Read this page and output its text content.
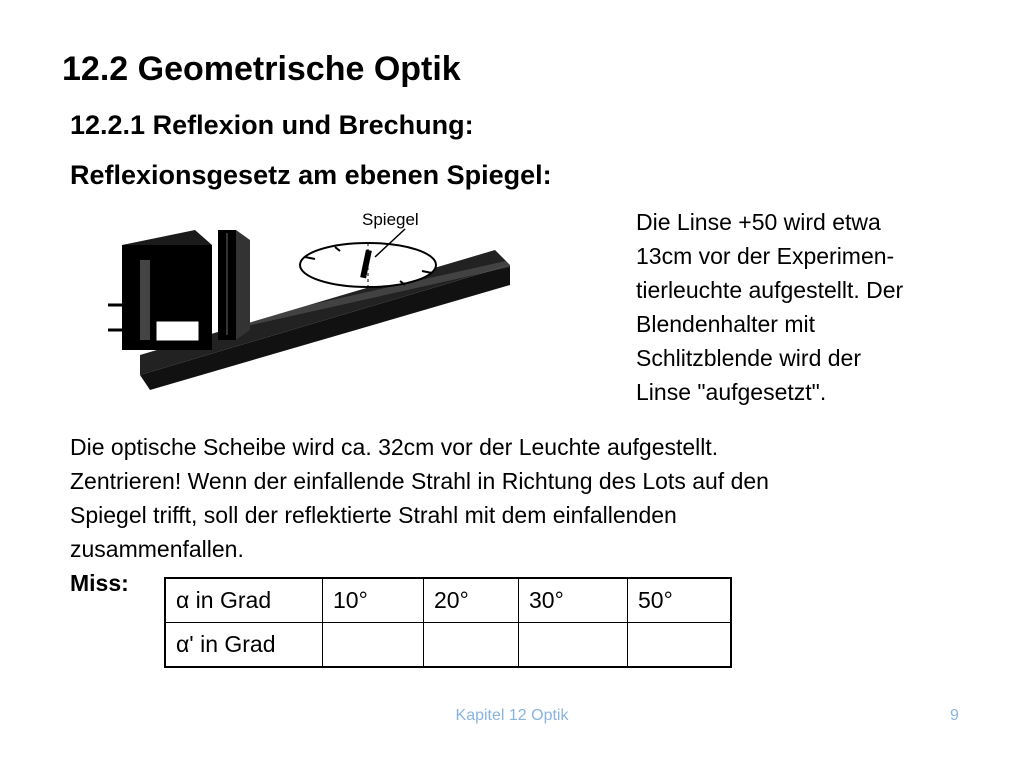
12.2 Geometrische Optik
12.2.1 Reflexion und Brechung:
Reflexionsgesetz am ebenen Spiegel:
Spiegel	Die Linse +50 wird etwa
13cm vor der Experimen-
tierleuchte aufgestellt. Der
Blendenhalter mit
Schlitzblende wird der
Linse "aufgesetzt".
Die optische Scheibe wird ca. 32cm vor der Leuchte aufgestellt.
Zentrieren! Wenn der einfallende Strahl in Richtung des Lots auf den
Spiegel trifft, soll der reflektierte Strahl mit dem einfallenden
zusammenfallen.
Miss:
α in Grad	10°	20°	30°	50°
α' in Grad				
Kapitel 12 Optik	9
